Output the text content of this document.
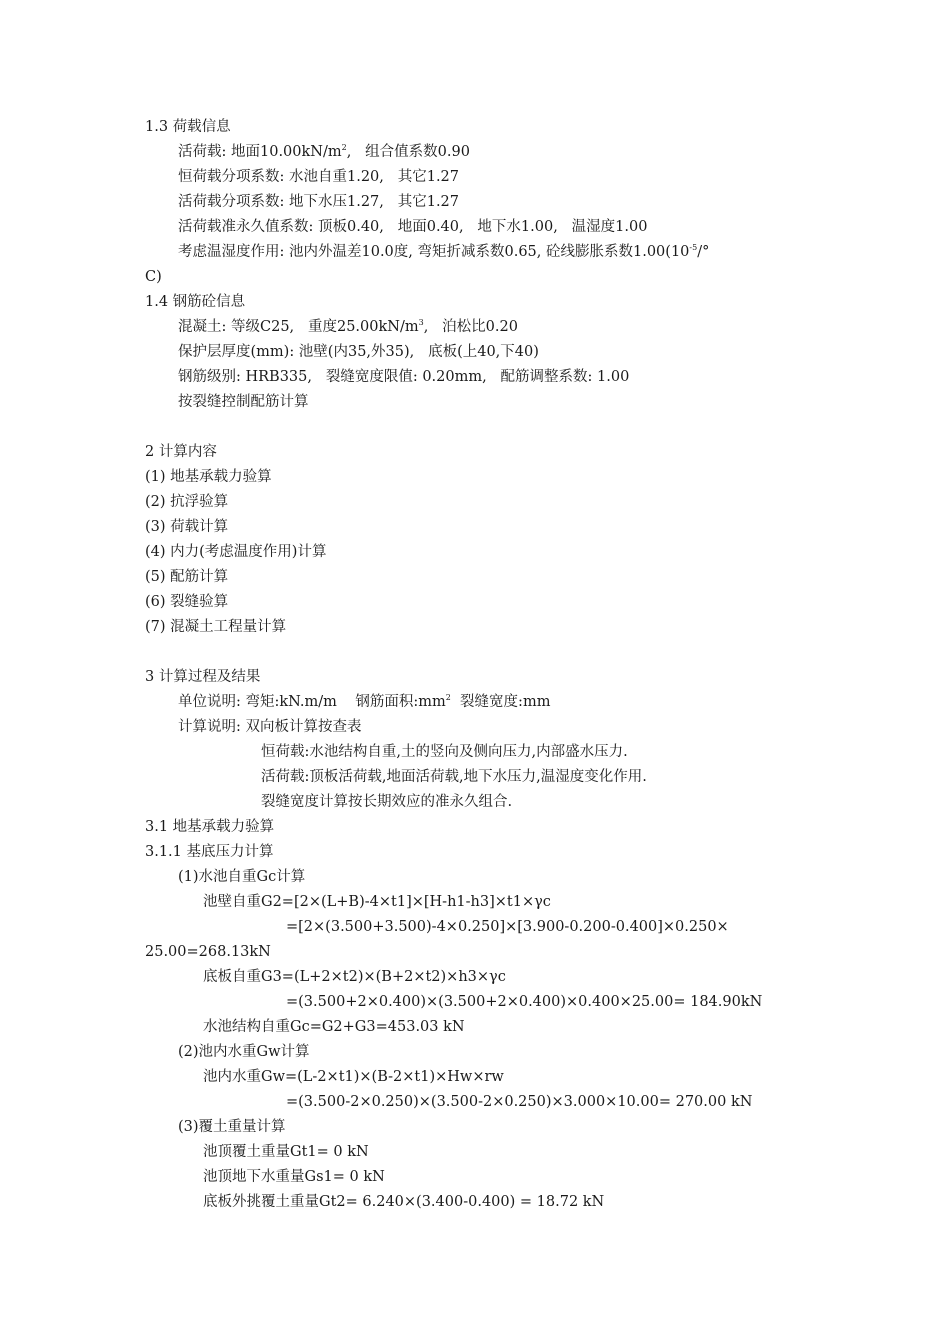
1.3 荷载信息
活荷载: 地面$10.00kN/m^2$,   组合值系数0.90
恒荷载分项系数: 水池自重1.20,   其它1.27
活荷载分项系数: 地下水压1.27,   其它1.27
活荷载准永久值系数: 顶板0.40,   地面0.40,   地下水1.00,   温湿度1.00
考虑温湿度作用: 池内外温差10.0度, 弯矩折减系数0.65, 砼线膨胀系数$1.00(10^{-5}/^\circ$
C)
1.4 钢筋砼信息
混凝土: 等级C25,   重度$25.00kN/m^3$,   泊松比0.20
保护层厚度(mm): 池壁(内35,外35),   底板(上40,下40)
钢筋级别: HRB335,   裂缝宽度限值: 0.20mm,   配筋调整系数: 1.00
按裂缝控制配筋计算
2 计算内容
(1) 地基承载力验算
(2) 抗浮验算
(3) 荷载计算
(4) 内力(考虑温度作用)计算
(5) 配筋计算
(6) 裂缝验算
(7) 混凝土工程量计算
3 计算过程及结果
单位说明: 弯矩:kN.m/m    钢筋面积$:mm^2$  裂缝宽度:mm
计算说明: 双向板计算按查表
恒荷载:水池结构自重,土的竖向及侧向压力,内部盛水压力.
活荷载:顶板活荷载,地面活荷载,地下水压力,温湿度变化作用.
裂缝宽度计算按长期效应的准永久组合.
3.1 地基承载力验算
3.1.1 基底压力计算
(1)水池自重Gc计算
池壁自重G2=[2×(L+B)-4×t1]×[H-h1-h3]×t1×γc
=[2×(3.500+3.500)-4×0.250]×[3.900-0.200-0.400]×0.250×
25.00=268.13kN
底板自重G3=(L+2×t2)×(B+2×t2)×h3×γc
=(3.500+2×0.400)×(3.500+2×0.400)×0.400×25.00= 184.90kN
水池结构自重Gc=G2+G3=453.03 kN
(2)池内水重Gw计算
池内水重Gw=(L-2×t1)×(B-2×t1)×Hw×rw
=(3.500-2×0.250)×(3.500-2×0.250)×3.000×10.00= 270.00 kN
(3)覆土重量计算
池顶覆土重量Gt1= 0 kN
池顶地下水重量Gs1= 0 kN
底板外挑覆土重量Gt2= 6.240×(3.400-0.400) = 18.72 kN
